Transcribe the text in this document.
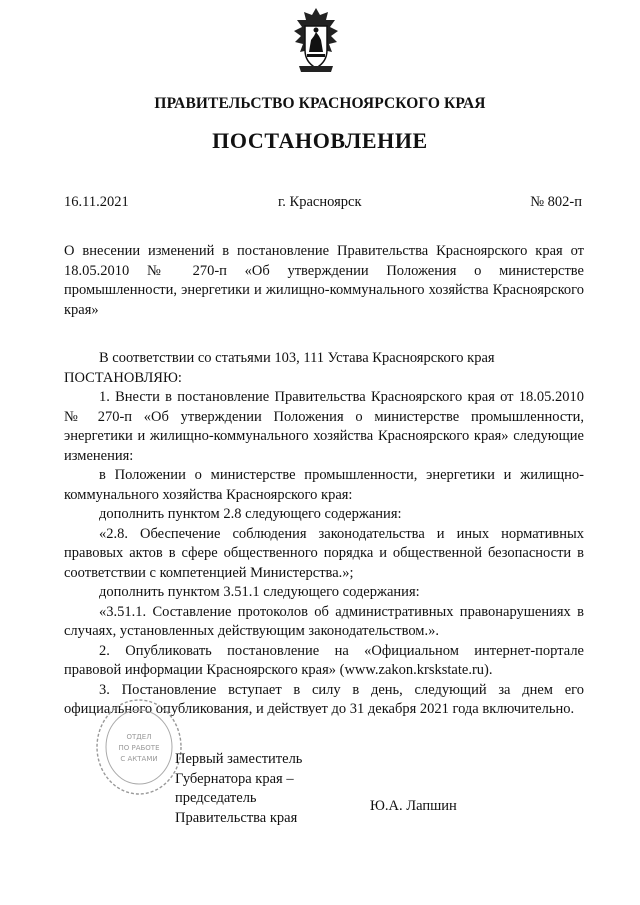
ПРАВИТЕЛЬСТВО КРАСНОЯРСКОГО КРАЯ
ПОСТАНОВЛЕНИЕ
16.11.2021	г. Красноярск	№ 802-п

О внесении изменений в постановление Правительства Красноярского края от 18.05.2010 № 270-п «Об утверждении Положения о министерстве промышленности, энергетики и жилищно-коммунального хозяйства Красноярского края»

В соответствии со статьями 103, 111 Устава Красноярского края

ПОСТАНОВЛЯЮ:

1. Внести в постановление Правительства Красноярского края от 18.05.2010 № 270-п «Об утверждении Положения о министерстве промышленности, энергетики и жилищно-коммунального хозяйства Красноярского края» следующие изменения:

в Положении о министерстве промышленности, энергетики и жилищно-коммунального хозяйства Красноярского края:

дополнить пунктом 2.8 следующего содержания:

«2.8. Обеспечение соблюдения законодательства и иных нормативных правовых актов в сфере общественного порядка и общественной безопасности в соответствии с компетенцией Министерства.»;

дополнить пунктом 3.51.1 следующего содержания:

«3.51.1. Составление протоколов об административных правонарушениях в случаях, установленных действующим законодательством.».

2. Опубликовать постановление на «Официальном интернет-портале правовой информации Красноярского края» (www.zakon.krskstate.ru).

3. Постановление вступает в силу в день, следующий за днем его официального опубликования, и действует до 31 декабря 2021 года включительно.

ОТДЕЛ
ПО РАБОТЕ
С АКТАМИ Первый заместитель
Губернатора края –
председатель
Правительства края
Ю.А. Лапшин
